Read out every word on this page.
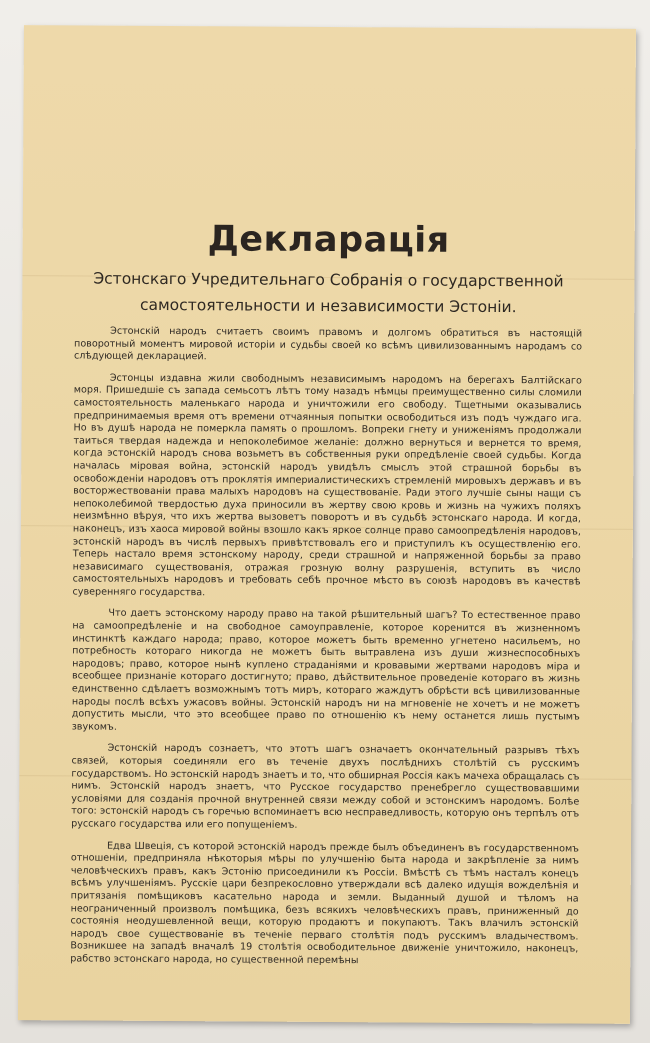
Декларація
Эстонскаго Учредительнаго Собранія о государственной
самостоятельности и независимости Эстоніи.

Эстонскій народъ считаетъ своимъ правомъ и долгомъ обратиться въ настоящій поворотный моментъ мировой исторіи и судьбы своей ко всѣмъ цивилизованнымъ народамъ со слѣдующей декларацией.

Эстонцы издавна жили свободнымъ независимымъ народомъ на берегахъ Балтійскаго моря. Пришедшіе съ запада семьсотъ лѣтъ тому назадъ нѣмцы преимущественно силы сломили самостоятельность маленькаго народа и уничтожили его свободу. Тщетными оказывались предпринимаемыя время отъ времени отчаянныя попытки освободиться изъ подъ чуждаго ига. Но въ душѣ народа не померкла память о прошломъ. Вопреки гнету и униженіямъ продолжали таиться твердая надежда и непоколебимое желаніе: должно вернуться и вернется то время, когда эстонскій народъ снова возьметъ въ собственныя руки опредѣленіе своей судьбы. Когда началась міровая война, эстонскій народъ увидѣлъ смыслъ этой страшной борьбы въ освобожденіи народовъ отъ проклятія империалистическихъ стремленій мировыхъ державъ и въ восторжествованіи права малыхъ народовъ на существованіе. Ради этого лучшіе сыны нащи съ непоколебимой твердостью духа приносили въ жертву свою кровь и жизнь на чужихъ поляхъ неизмѣнно вѣруя, что ихъ жертва вызоветъ поворотъ и въ судьбѣ эстонскаго народа. И когда, наконецъ, изъ хаоса мировой войны взошло какъ яркое солнце право самоопредѣленія народовъ, эстонскій народъ въ числѣ первыхъ привѣтствовалъ его и приступилъ къ осуществленію его. Теперь настало время эстонскому народу, среди страшной и напряженной борьбы за право независимаго существованія, отражая грозную волну разрушенія, вступить въ число самостоятельныхъ народовъ и требовать себѣ прочное мѣсто въ союзѣ народовъ въ качествѣ суверенняго государства.

Что даетъ эстонскому народу право на такой рѣшительный шагъ? То естественное право на самоопредѣленіе и на свободное самоуправленіе, которое коренится въ жизненномъ инстинктѣ каждаго народа; право, которое можетъ быть временно угнетено насильемъ, но потребность котораго никогда не можетъ быть вытравлена изъ души жизнеспособныхъ народовъ; право, которое нынѣ куплено страданіями и кровавыми жертвами народовъ міра и всеобщее признаніе котораго достигнуто; право, дѣйствительное проведеніе котораго въ жизнь единственно сдѣлаетъ возможнымъ тотъ миръ, котораго жаждутъ обрѣсти всѣ цивилизованные народы послѣ всѣхъ ужасовъ войны. Эстонскій народъ ни на мгновеніе не хочетъ и не можетъ допустить мысли, что это всеобщее право по отношенію къ нему останется лишь пустымъ звукомъ.

Эстонскій народъ сознаетъ, что этотъ шагъ означаетъ окончательный разрывъ тѣхъ связей, которыя соединяли его въ теченіе двухъ послѣднихъ столѣтій съ русскимъ государствомъ. Но эстонскій народъ знаетъ и то, что обширная Россія какъ мачеха обращалась съ нимъ. Эстонскій народъ знаетъ, что Русское государство пренебрегло существовавшими условіями для созданія прочной внутренней связи между собой и эстонскимъ народомъ. Болѣе того: эстонскій народъ съ горечью вспоминаетъ всю несправедливость, которую онъ терпѣлъ отъ русскаго государства или его попущеніемъ.

Едва Швеція, съ которой эстонскій народъ прежде былъ объединенъ въ государственномъ отношеніи, предприняла нѣкоторыя мѣры по улучшенію быта народа и закрѣпленіе за нимъ человѣческихъ правъ, какъ Эстонію присоединили къ Россіи. Вмѣстѣ съ тѣмъ насталъ конецъ всѣмъ улучшеніямъ. Русскіе цари безпрекословно утверждали всѣ далеко идущія вожделѣнія и притязанія помѣщиковъ касательно народа и земли. Выданный душой и тѣломъ на неограниченный произволъ помѣщика, безъ всякихъ человѣческихъ правъ, приниженный до состоянія неодушевленной вещи, которую продаютъ и покупаютъ. Такъ влачилъ эстонскій народъ свое существованіе въ теченіе перваго столѣтія подъ русскимъ владычествомъ. Возникшее на западѣ вначалѣ 19 столѣтія освободительное движеніе уничтожило, наконецъ, рабство эстонскаго народа, но существенной перемѣны
